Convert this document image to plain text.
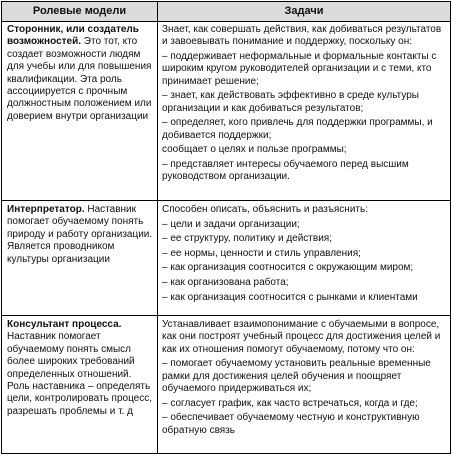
Ролевые модели	Задачи
Сторонник, или создатель возможностей. Это тот, кто создает возможности людям для учебы или для повышения квалификации. Эта роль ассоциируется с прочным должностным положением или доверием внутри организации

Знает, как совершать действия, как добиваться результатов и завоевывать понимание и поддержку, поскольку он:

– поддерживает неформальные и формальные контакты с широким кругом руководителей организации и с теми, кто принимает решение;

– знает, как действовать эффективно в среде культуры организации и как добиваться результатов;

– определяет, кого привлечь для поддержки программы, и добивается поддержки;

сообщает о целях и пользе программы;

– представляет интересы обучаемого перед высшим руководством организации.

Интерпретатор. Наставник помогает обучаемому понять природу и работу организации. Является проводником культуры организации

Способен описать, объяснить и разъяснить:

– цели и задачи организации;

– ее структуру, политику и действия;

– ее нормы, ценности и стиль управления;

– как организация соотносится с окружающим миром;

– как организована работа;

– как организация соотносится с рынками и клиентами

Консультант процесса. Наставник помогает обучаемому понять смысл более широких требований определенных отношений. Роль наставника – определять цели, контролировать процесс, разрешать проблемы и т. д

Устанавливает взаимопонимание с обучаемыми в вопросе, как они построят учебный процесс для достижения целей и как их отношения помогут обучаемому, потому что он:

– помогает обучаемому установить реальные временные рамки для достижения целей обучения и поощряет обучаемого придерживаться их;

– согласует график, как часто встречаться, когда и где;

– обеспечивает обучаемому честную и конструктивную обратную связь
